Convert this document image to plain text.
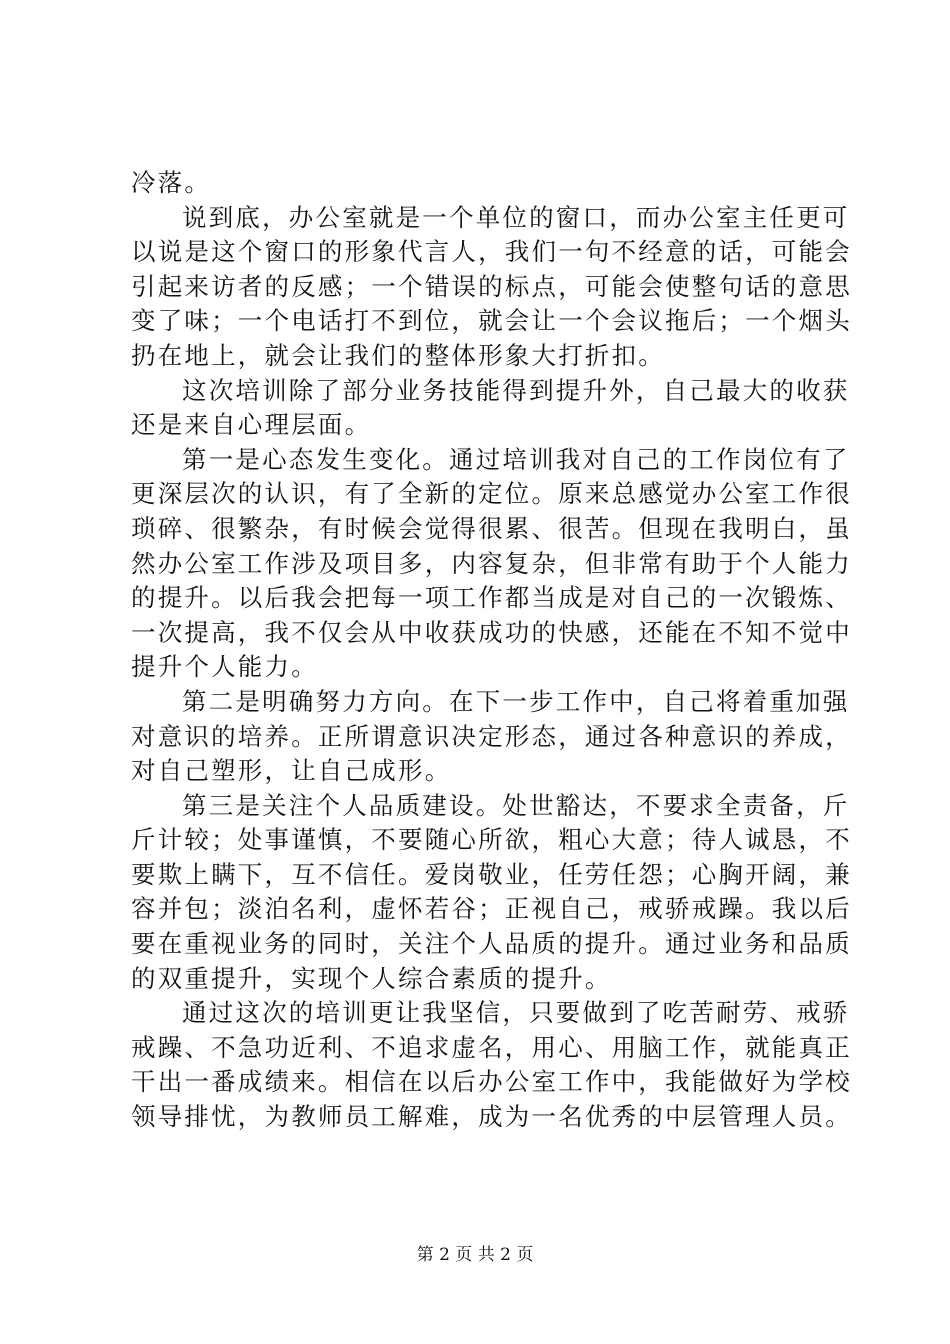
冷落。
说到底，办公室就是一个单位的窗口，而办公室主任更可
以说是这个窗口的形象代言人，我们一句不经意的话，可能会
引起来访者的反感；一个错误的标点，可能会使整句话的意思
变了味；一个电话打不到位，就会让一个会议拖后；一个烟头
扔在地上，就会让我们的整体形象大打折扣。
这次培训除了部分业务技能得到提升外，自己最大的收获
还是来自心理层面。
第一是心态发生变化。通过培训我对自己的工作岗位有了
更深层次的认识，有了全新的定位。原来总感觉办公室工作很
琐碎、很繁杂，有时候会觉得很累、很苦。但现在我明白，虽
然办公室工作涉及项目多，内容复杂，但非常有助于个人能力
的提升。以后我会把每一项工作都当成是对自己的一次锻炼、
一次提高，我不仅会从中收获成功的快感，还能在不知不觉中
提升个人能力。
第二是明确努力方向。在下一步工作中，自己将着重加强
对意识的培养。正所谓意识决定形态，通过各种意识的养成，
对自己塑形，让自己成形。
第三是关注个人品质建设。处世豁达，不要求全责备，斤
斤计较；处事谨慎，不要随心所欲，粗心大意；待人诚恳，不
要欺上瞒下，互不信任。爱岗敬业，任劳任怨；心胸开阔，兼
容并包；淡泊名利，虚怀若谷；正视自己，戒骄戒躁。我以后
要在重视业务的同时，关注个人品质的提升。通过业务和品质
的双重提升，实现个人综合素质的提升。
通过这次的培训更让我坚信，只要做到了吃苦耐劳、戒骄
戒躁、不急功近利、不追求虚名，用心、用脑工作，就能真正
干出一番成绩来。相信在以后办公室工作中，我能做好为学校
领导排忧，为教师员工解难，成为一名优秀的中层管理人员。
第 2 页 共 2 页
